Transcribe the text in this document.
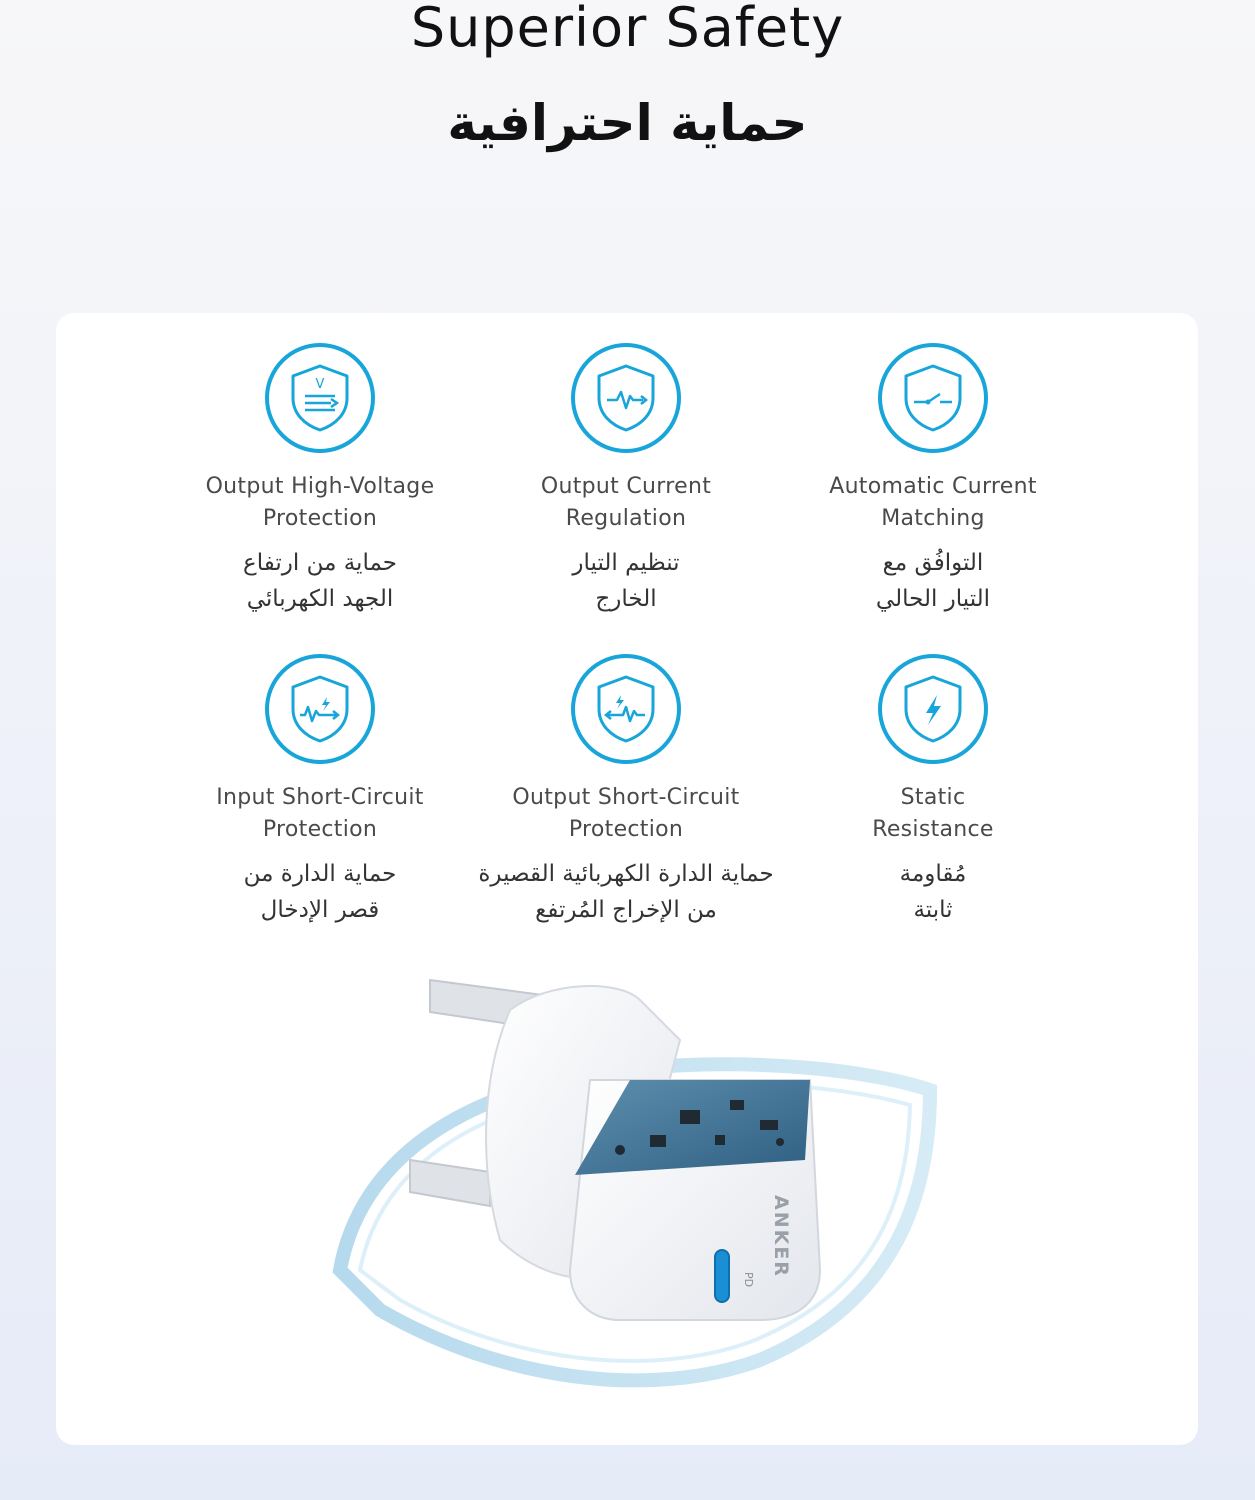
Superior Safety
حماية احترافية
V
Output High-Voltage
Protection
حماية من ارتفاع
الجهد الكهربائي
Output Current
Regulation
تنظيم التيار
الخارج
Automatic Current
Matching
التوافُق مع
التيار الحالي
Input Short-Circuit
Protection
حماية الدارة من
قصر الإدخال
Output Short-Circuit
Protection
حماية الدارة الكهربائية القصيرة
من الإخراج المُرتفع
Static
Resistance
مُقاومة
ثابتة
PD
ANKER
